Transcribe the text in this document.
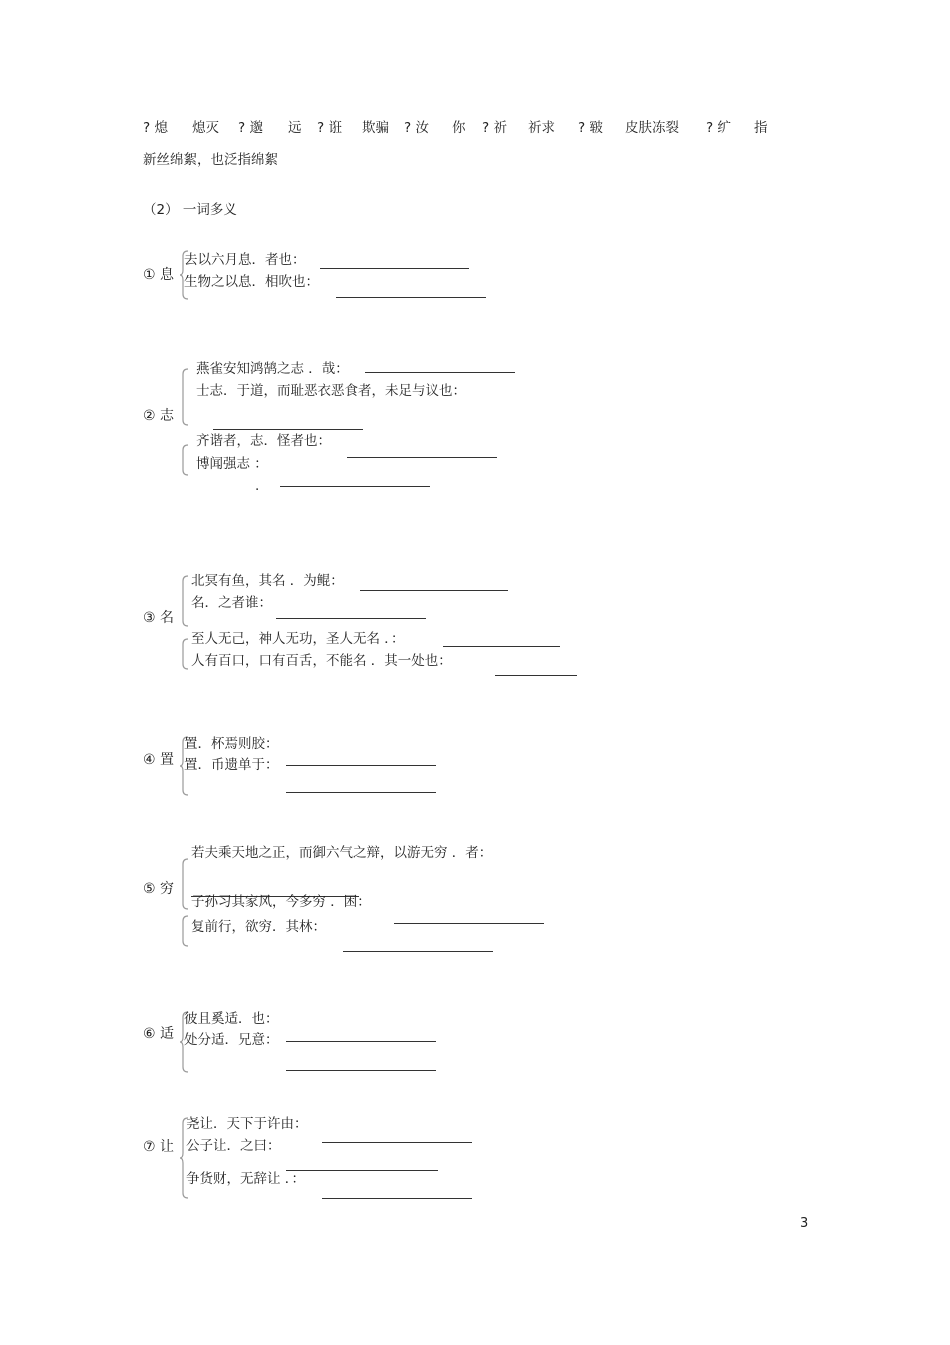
? 熄 熄灭 ? 邈 远 ? 诳 欺骗 ? 汝 你 ? 祈 祈求 ? 皲 皮肤冻裂 ? 纩 指
新丝绵絮，也泛指绵絮
（2） 一词多义
① 息
去以六月息．者也：
生物之以息．相吹也：
② 志
燕雀安知鸿鹄之志 ．哉：
士志．于道，而耻恶衣恶食者，未足与议也：
齐谐者，志．怪者也：
博闻强志 ：
.
③ 名
北冥有鱼，其名 ．为鲲：
名．之者谁：
至人无己，神人无功，圣人无名 ．：
人有百口，口有百舌，不能名 ．其一处也：
④ 置
置．杯焉则胶：
置．币遗单于：
⑤ 穷
若夫乘天地之正，而御六气之辩，以游无穷 ．者：
子孙习其家风，今多穷 ．困：
复前行，欲穷．其林：
⑥ 适
彼且奚适．也：
处分适．兄意：
⑦ 让
尧让．天下于许由：
公子让．之曰：
争货财，无辞让 ．：
3
